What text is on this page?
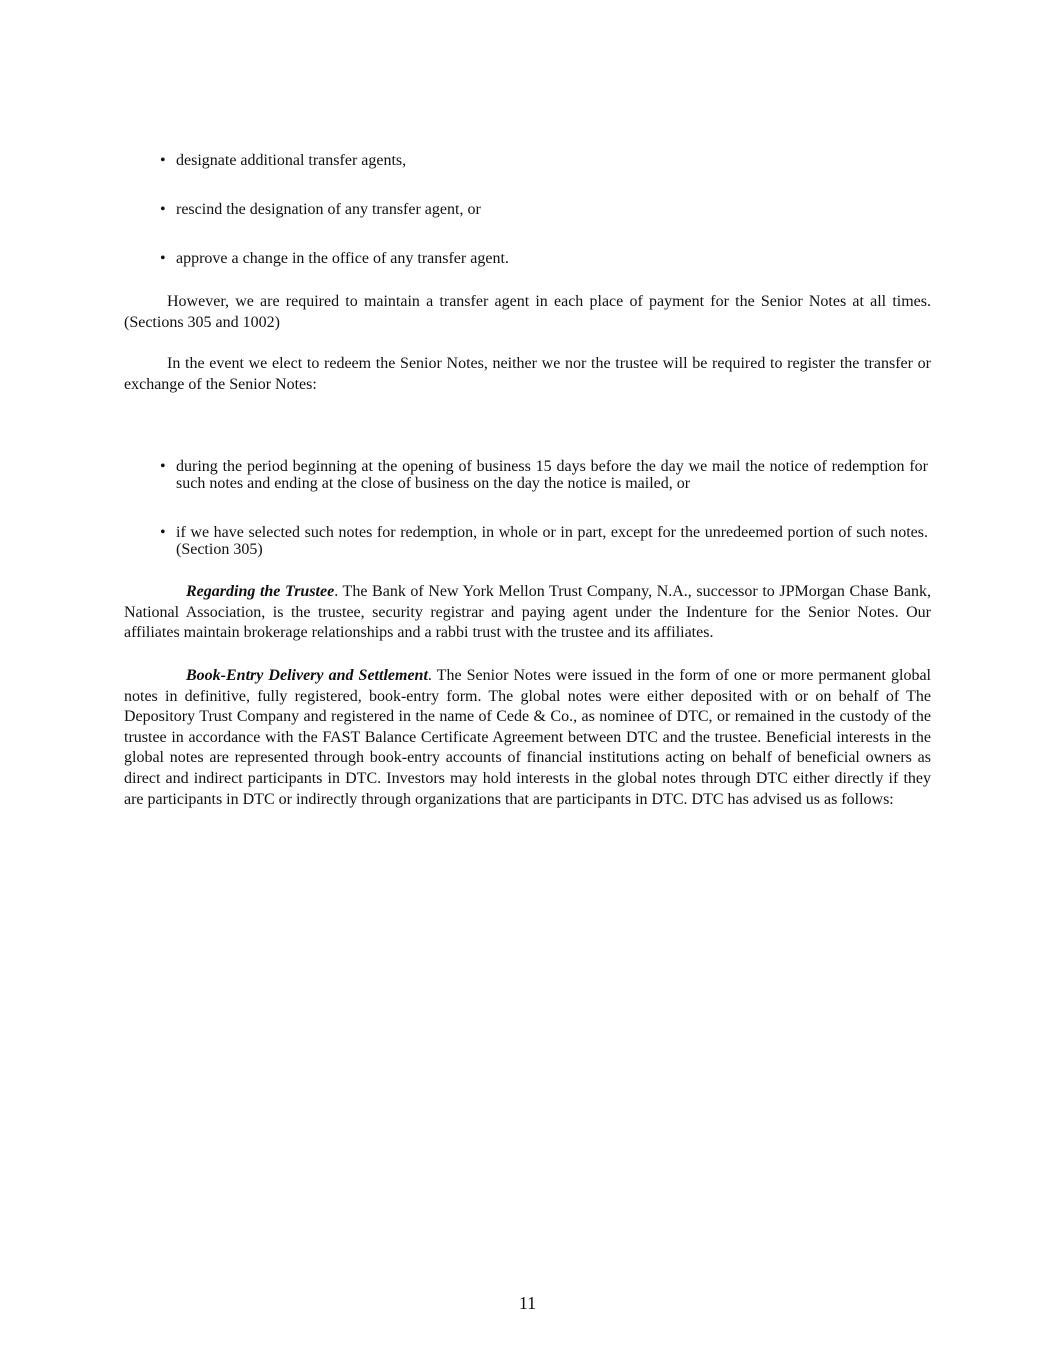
• designate additional transfer agents,
• rescind the designation of any transfer agent, or
• approve a change in the office of any transfer agent.

However, we are required to maintain a transfer agent in each place of payment for the Senior Notes at all times. (Sections 305 and 1002)

In the event we elect to redeem the Senior Notes, neither we nor the trustee will be required to register the transfer or exchange of the Senior Notes:

• during the period beginning at the opening of business 15 days before the day we mail the notice of redemption for such notes and ending at the close of business on the day the notice is mailed, or
• if we have selected such notes for redemption, in whole or in part, except for the unredeemed portion of such notes. (Section 305)

Regarding the Trustee. The Bank of New York Mellon Trust Company, N.A., successor to JPMorgan Chase Bank, National Association, is the trustee, security registrar and paying agent under the Indenture for the Senior Notes. Our affiliates maintain brokerage relationships and a rabbi trust with the trustee and its affiliates.

Book-Entry Delivery and Settlement. The Senior Notes were issued in the form of one or more permanent global notes in definitive, fully registered, book-entry form. The global notes were either deposited with or on behalf of The Depository Trust Company and registered in the name of Cede & Co., as nominee of DTC, or remained in the custody of the trustee in accordance with the FAST Balance Certificate Agreement between DTC and the trustee. Beneficial interests in the global notes are represented through book-entry accounts of financial institutions acting on behalf of beneficial owners as direct and indirect participants in DTC. Investors may hold interests in the global notes through DTC either directly if they are participants in DTC or indirectly through organizations that are participants in DTC. DTC has advised us as follows:

11
